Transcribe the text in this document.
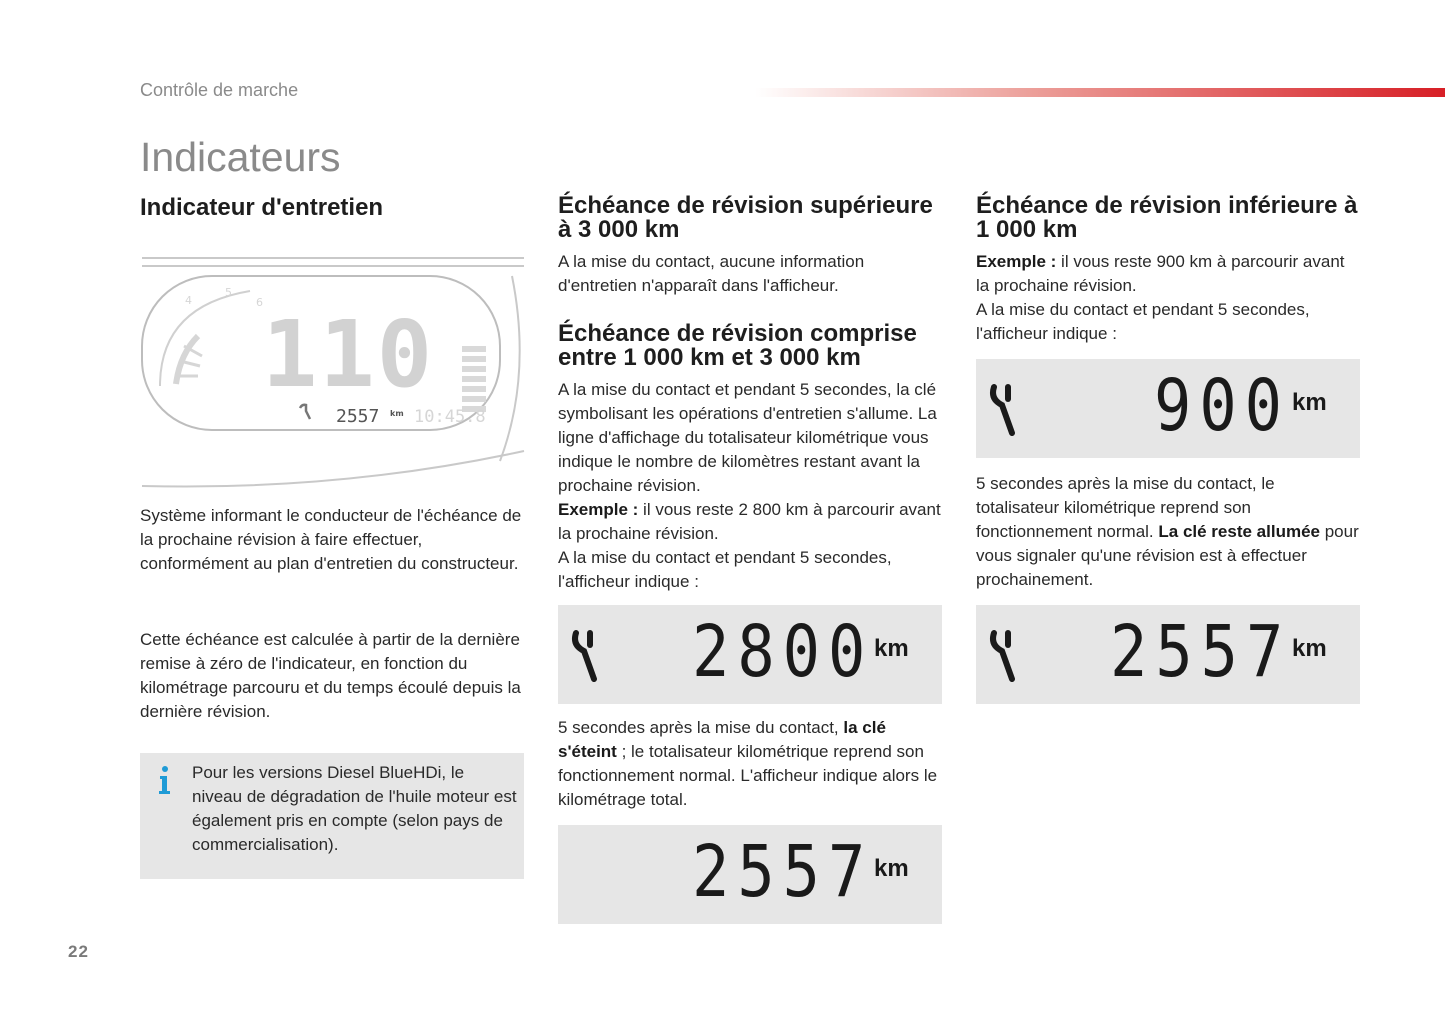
Contrôle de marche
Indicateurs
Indicateur d'entretien
4
5
6 110
2557 km 10:45.8

Système informant le conducteur de l'échéance de la prochaine révision à faire effectuer, conformément au plan d'entretien du constructeur.

Cette échéance est calculée à partir de la dernière remise à zéro de l'indicateur, en fonction du kilométrage parcouru et du temps écoulé depuis la dernière révision.

Pour les versions Diesel BlueHDi, le niveau de dégradation de l'huile moteur est également pris en compte (selon pays de commercialisation).

Échéance de révision supérieure à 3 000 km

A la mise du contact, aucune information d'entretien n'apparaît dans l'afficheur.

Échéance de révision comprise entre 1 000 km et 3 000 km
A la mise du contact et pendant 5 secondes, la clé symbolisant les opérations d'entretien s'allume. La ligne d'affichage du totalisateur kilométrique vous indique le nombre de kilomètres restant avant la prochaine révision.
Exemple : il vous reste 2 800 km à parcourir avant la prochaine révision.
A la mise du contact et pendant 5 secondes, l'afficheur indique :
2800 km
5 secondes après la mise du contact, la clé s'éteint ; le totalisateur kilométrique reprend son fonctionnement normal. L'afficheur indique alors le kilométrage total.
2557 km
Échéance de révision inférieure à 1 000 km
Exemple : il vous reste 900 km à parcourir avant la prochaine révision.
A la mise du contact et pendant 5 secondes, l'afficheur indique :
900 km
5 secondes après la mise du contact, le totalisateur kilométrique reprend son fonctionnement normal. La clé reste allumée pour vous signaler qu'une révision est à effectuer prochainement.
2557 km
22
